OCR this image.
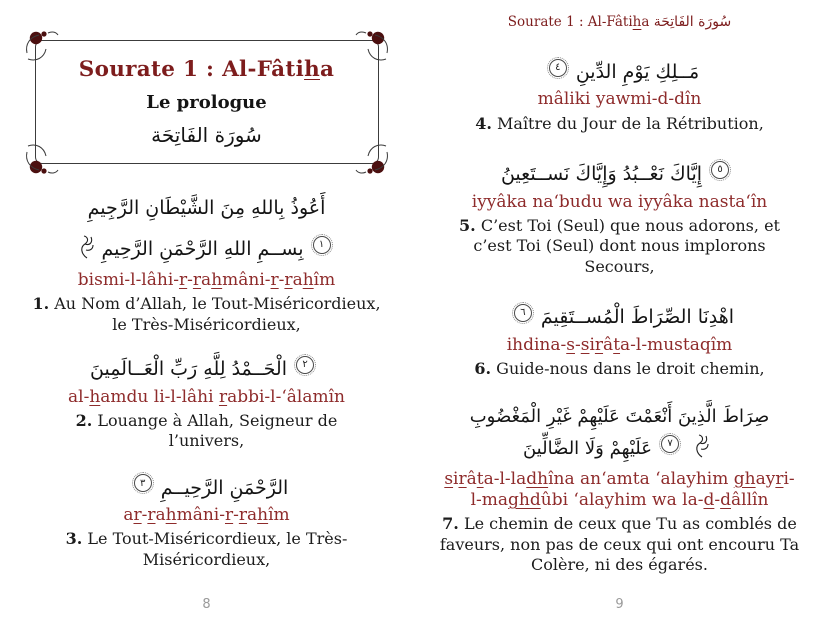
Sourate 1 : Al-Fâtiha
Le prologue
سُورَة الفَاتِحَة
أَعُوذُ بِاللهِ مِنَ الشَّيْطَانِ الرَّجِيمِ
بِســمِ اللهِ الرَّحْمَنِ الرَّحِيمِ	١
bismi-l-lâhi-r-rahmâni-r-rahîm
1. Au Nom d’Allah, le Tout-Miséricordieux, le Très-Miséricordieux,
الْحَــمْدُ لِلَّهِ رَبِّ الْعَــالَمِينَ	٢
al-hamdu li-l-lâhi rabbi-l-‘âlamîn
2. Louange à Allah, Seigneur de l’univers,
٣ الرَّحْمَنِ الرَّحِيــمِ
ar-rahmâni-r-rahîm
3. Le Tout-Miséricordieux, le Très-Miséricordieux,
8
Sourate 1 : Al-Fâtiha سُورَة الفَاتِحَة
٤ مَــلِكِ يَوْمِ الدِّينِ
mâliki yawmi-d-dîn
4. Maître du Jour de la Rétribution,
إِيَّاكَ نَعْــبُدُ وَإِيَّاكَ نَســتَعِينُ	٥
iyyâka na‘budu wa iyyâka nasta‘în
5. C’est Toi (Seul) que nous adorons, et c’est Toi (Seul) dont nous implorons Secours,
٦ اهْدِنَا الصِّرَاطَ الْمُســتَقِيمَ
ihdina-s-sirâta-l-mustaqîm
6. Guide-nous dans le droit chemin,
صِرَاطَ الَّذِينَ أَنْعَمْتَ عَلَيْهِمْ غَيْرِ الْمَغْضُوبِ
عَلَيْهِمْ وَلَا الضَّالِّينَ	٧
sirâta-l-ladhîna an‘amta ‘alayhim ghayri-l-maghdûbi ‘alayhim wa la-d-dâllîn
7. Le chemin de ceux que Tu as comblés de faveurs, non pas de ceux qui ont encouru Ta Colère, ni des égarés.
9
